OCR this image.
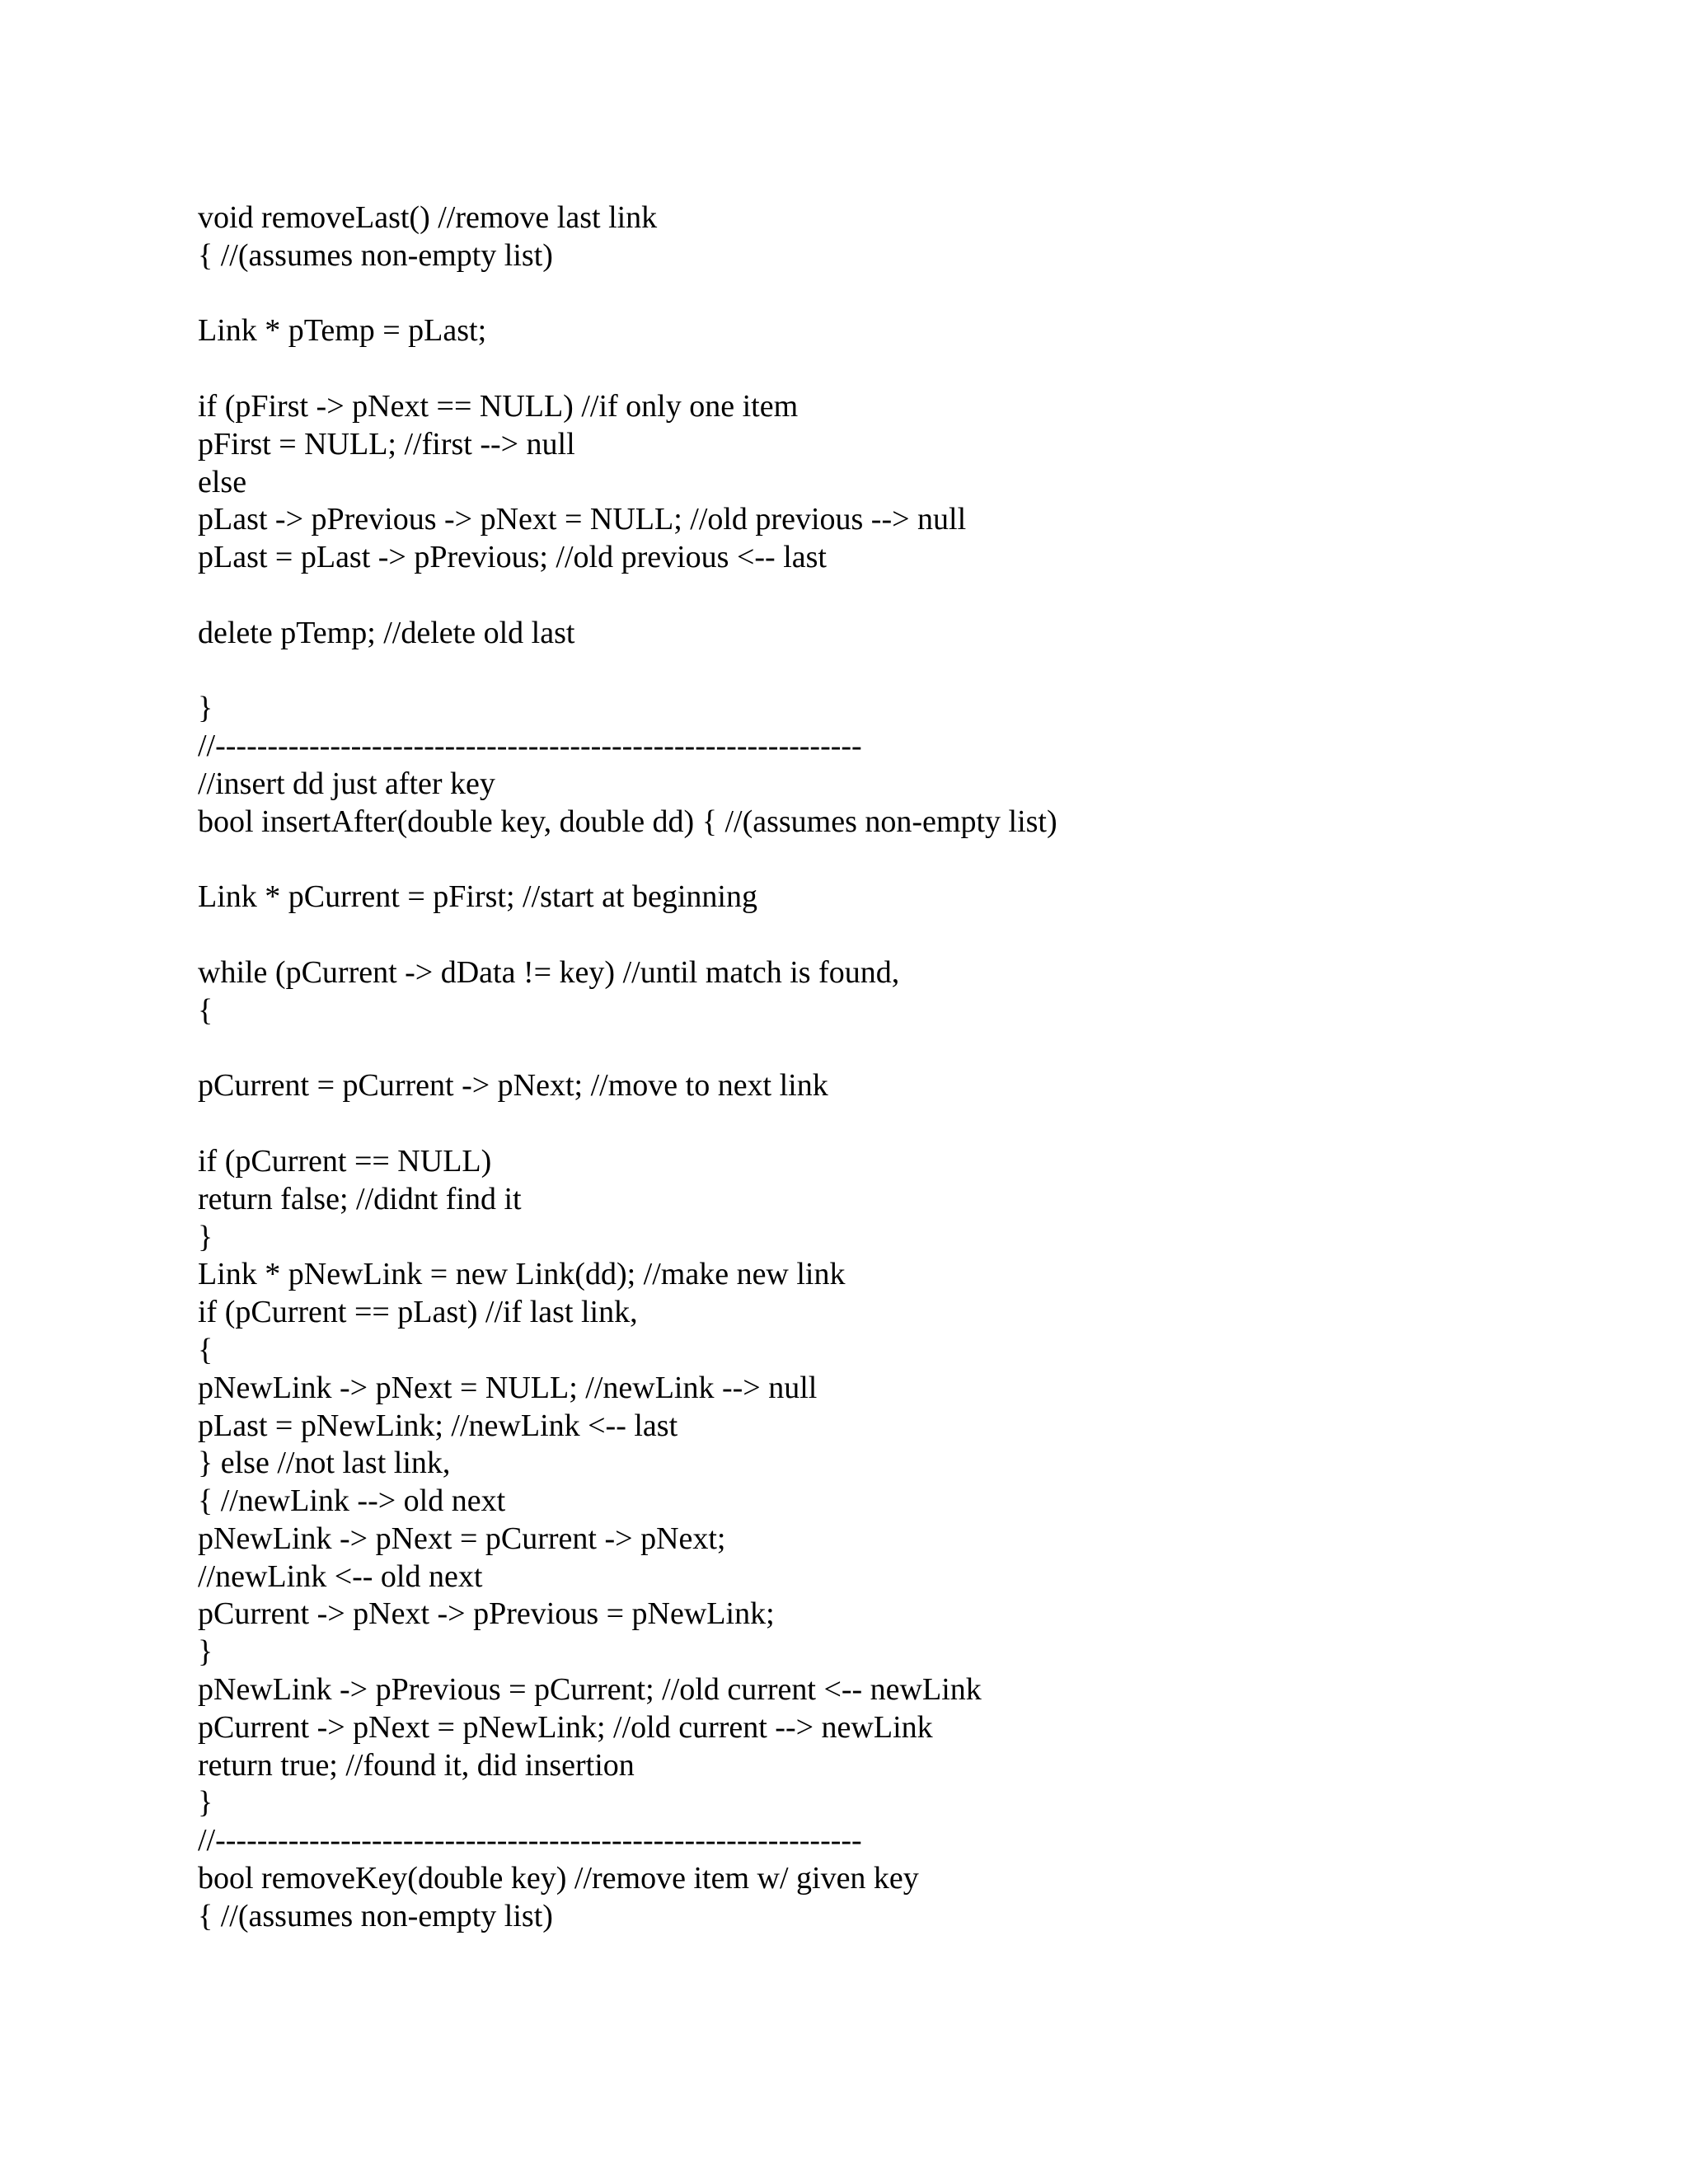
void removeLast() //remove last link
{ //(assumes non-empty list)
Link * pTemp = pLast;
if (pFirst -> pNext == NULL) //if only one item
pFirst = NULL; //first --> null
else
pLast -> pPrevious -> pNext = NULL; //old previous --> null
pLast = pLast -> pPrevious; //old previous <-- last
delete pTemp; //delete old last
}
//--------------------------------------------------------------
//insert dd just after key
bool insertAfter(double key, double dd) { //(assumes non-empty list)
Link * pCurrent = pFirst; //start at beginning
while (pCurrent -> dData != key) //until match is found,
{
pCurrent = pCurrent -> pNext; //move to next link
if (pCurrent == NULL)
return false; //didnt find it
}
Link * pNewLink = new Link(dd); //make new link
if (pCurrent == pLast) //if last link,
{
pNewLink -> pNext = NULL; //newLink --> null
pLast = pNewLink; //newLink <-- last
} else //not last link,
{ //newLink --> old next
pNewLink -> pNext = pCurrent -> pNext;
//newLink <-- old next
pCurrent -> pNext -> pPrevious = pNewLink;
}
pNewLink -> pPrevious = pCurrent; //old current <-- newLink
pCurrent -> pNext = pNewLink; //old current --> newLink
return true; //found it, did insertion
}
//--------------------------------------------------------------
bool removeKey(double key) //remove item w/ given key
{ //(assumes non-empty list)
